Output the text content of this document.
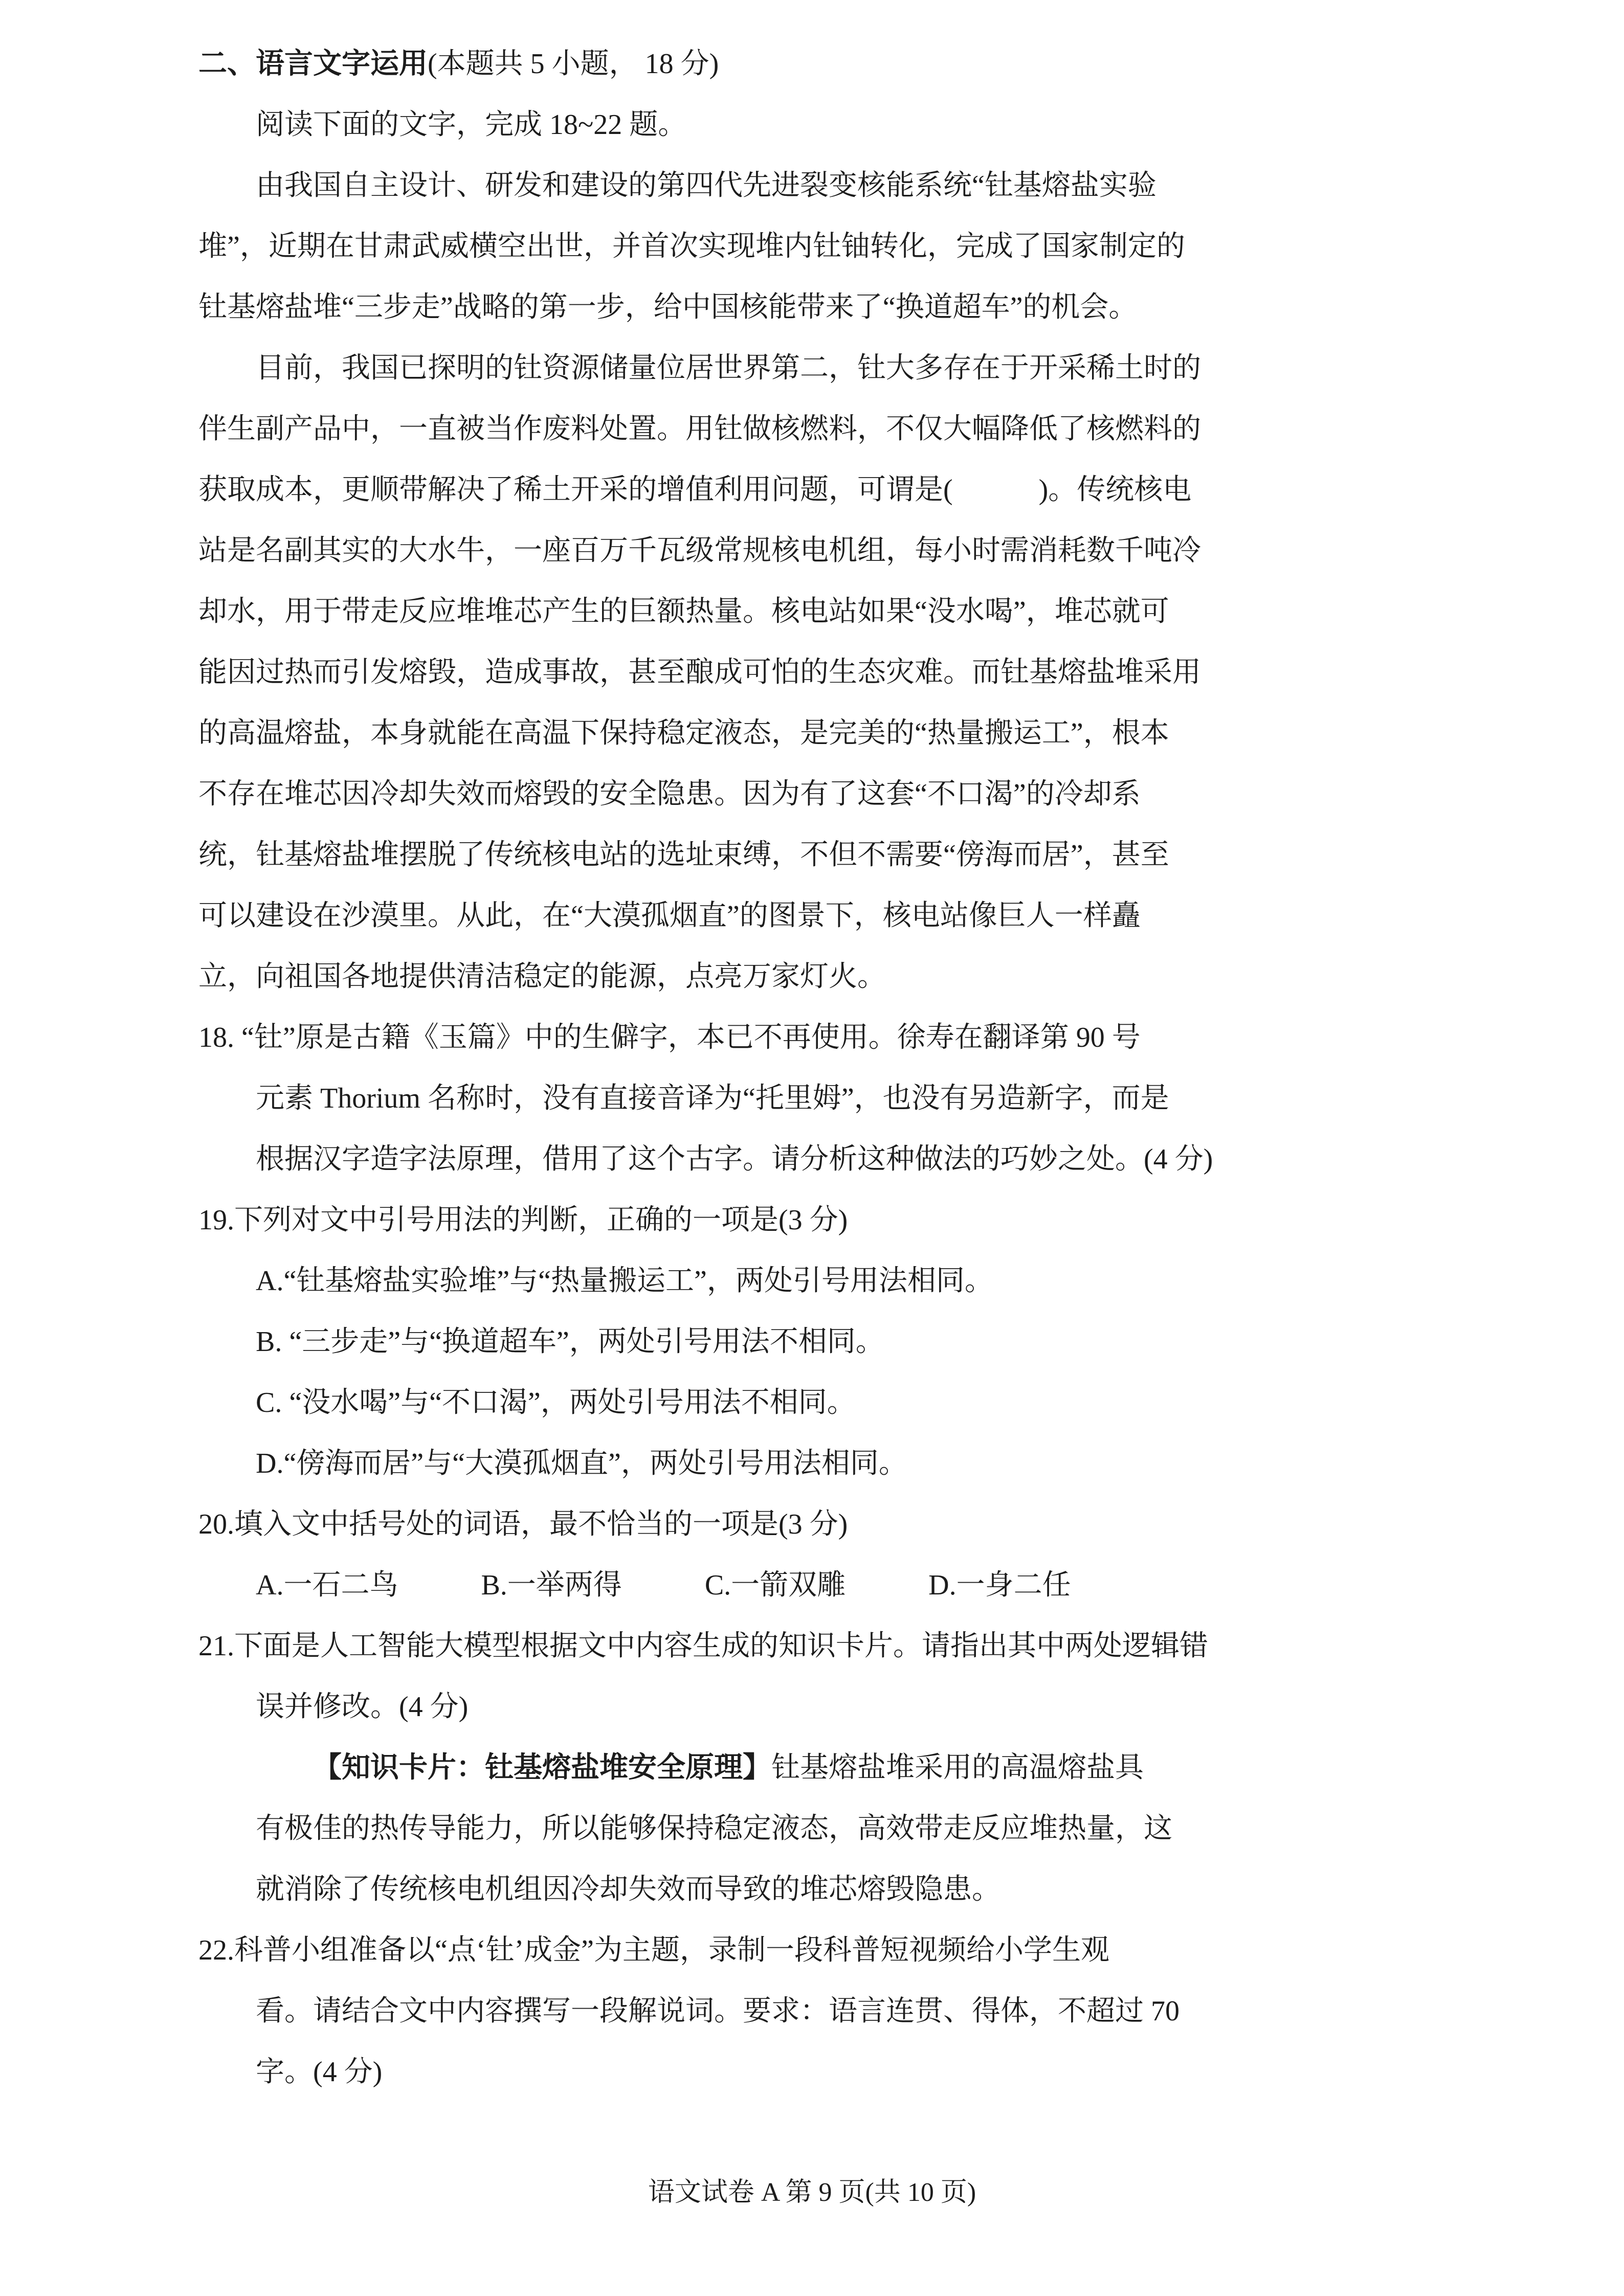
二、语言文字运用(本题共 5 小题， 18 分)
阅读下面的文字，完成 18~22 题。
由我国自主设计、研发和建设的第四代先进裂变核能系统“钍基熔盐实验
堆”，近期在甘肃武威横空出世，并首次实现堆内钍铀转化，完成了国家制定的
钍基熔盐堆“三步走”战略的第一步，给中国核能带来了“换道超车”的机会。
目前，我国已探明的钍资源储量位居世界第二，钍大多存在于开采稀土时的
伴生副产品中，一直被当作废料处置。用钍做核燃料，不仅大幅降低了核燃料的
获取成本，更顺带解决了稀土开采的增值利用问题，可谓是(　　　)。传统核电
站是名副其实的大水牛，一座百万千瓦级常规核电机组，每小时需消耗数千吨冷
却水，用于带走反应堆堆芯产生的巨额热量。核电站如果“没水喝”，堆芯就可
能因过热而引发熔毁，造成事故，甚至酿成可怕的生态灾难。而钍基熔盐堆采用
的高温熔盐，本身就能在高温下保持稳定液态，是完美的“热量搬运工”，根本
不存在堆芯因冷却失效而熔毁的安全隐患。因为有了这套“不口渴”的冷却系
统，钍基熔盐堆摆脱了传统核电站的选址束缚，不但不需要“傍海而居”，甚至
可以建设在沙漠里。从此，在“大漠孤烟直”的图景下，核电站像巨人一样矗
立，向祖国各地提供清洁稳定的能源，点亮万家灯火。
18. “钍”原是古籍《玉篇》中的生僻字，本已不再使用。徐寿在翻译第 90 号
元素 Thorium 名称时，没有直接音译为“托里姆”，也没有另造新字，而是
根据汉字造字法原理，借用了这个古字。请分析这种做法的巧妙之处。(4 分)
19.下列对文中引号用法的判断，正确的一项是(3 分)
A.“钍基熔盐实验堆”与“热量搬运工”，两处引号用法相同。
B. “三步走”与“换道超车”，两处引号用法不相同。
C. “没水喝”与“不口渴”，两处引号用法不相同。
D.“傍海而居”与“大漠孤烟直”，两处引号用法相同。
20.填入文中括号处的词语，最不恰当的一项是(3 分)
A.一石二鸟	B.一举两得	C.一箭双雕	D.一身二任
21.下面是人工智能大模型根据文中内容生成的知识卡片。请指出其中两处逻辑错
误并修改。(4 分)
【知识卡片：钍基熔盐堆安全原理】钍基熔盐堆采用的高温熔盐具
有极佳的热传导能力，所以能够保持稳定液态，高效带走反应堆热量，这
就消除了传统核电机组因冷却失效而导致的堆芯熔毁隐患。
22.科普小组准备以“点‘钍’成金”为主题，录制一段科普短视频给小学生观
看。请结合文中内容撰写一段解说词。要求：语言连贯、得体，不超过 70
字。(4 分)
语文试卷 A 第 9 页(共 10 页)
